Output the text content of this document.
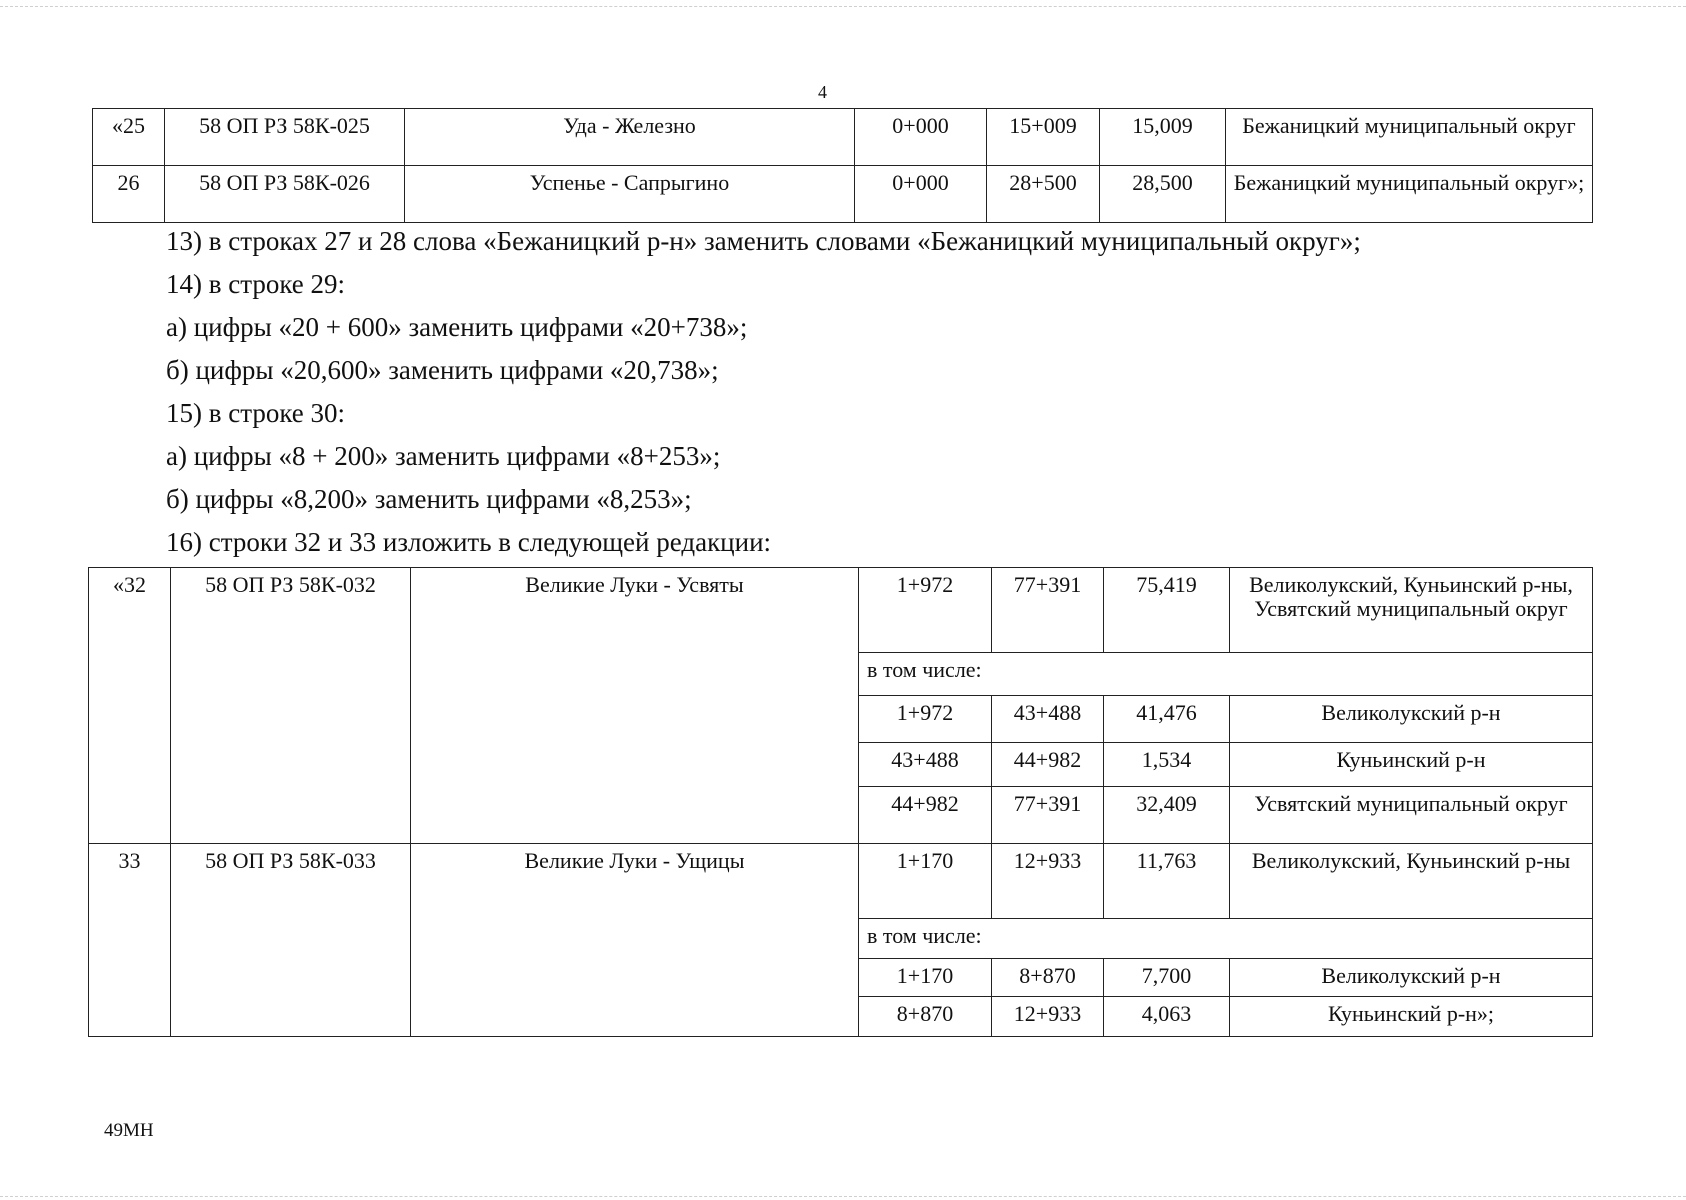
4
«25	58 ОП РЗ 58К-025	Уда - Железно	0+000	15+009	15,009	Бежаницкий муниципальный округ
26	58 ОП РЗ 58К-026	Успенье - Сапрыгино	0+000	28+500	28,500	Бежаницкий муниципальный округ»;
13) в строках 27 и 28 слова «Бежаницкий р-н» заменить словами «Бежаницкий муниципальный округ»;
14) в строке 29:
а) цифры «20 + 600» заменить цифрами «20+738»;
б) цифры «20,600» заменить цифрами «20,738»;
15) в строке 30:
а) цифры «8 + 200» заменить цифрами «8+253»;
б) цифры «8,200» заменить цифрами «8,253»;
16) строки 32 и 33 изложить в следующей редакции:
«32	58 ОП РЗ 58К-032	Великие Луки - Усвяты	1+972	77+391	75,419	Великолукский, Куньинский р-ны, Усвятский муниципальный округ
			в том числе:			
			1+972	43+488	41,476	Великолукский р-н
			43+488	44+982	1,534	Куньинский р-н
			44+982	77+391	32,409	Усвятский муниципальный округ
33	58 ОП РЗ 58К-033	Великие Луки - Ущицы	1+170	12+933	11,763	Великолукский, Куньинский р-ны
			в том числе:			
			1+170	8+870	7,700	Великолукский р-н
			8+870	12+933	4,063	Куньинский р-н»;
49МН
